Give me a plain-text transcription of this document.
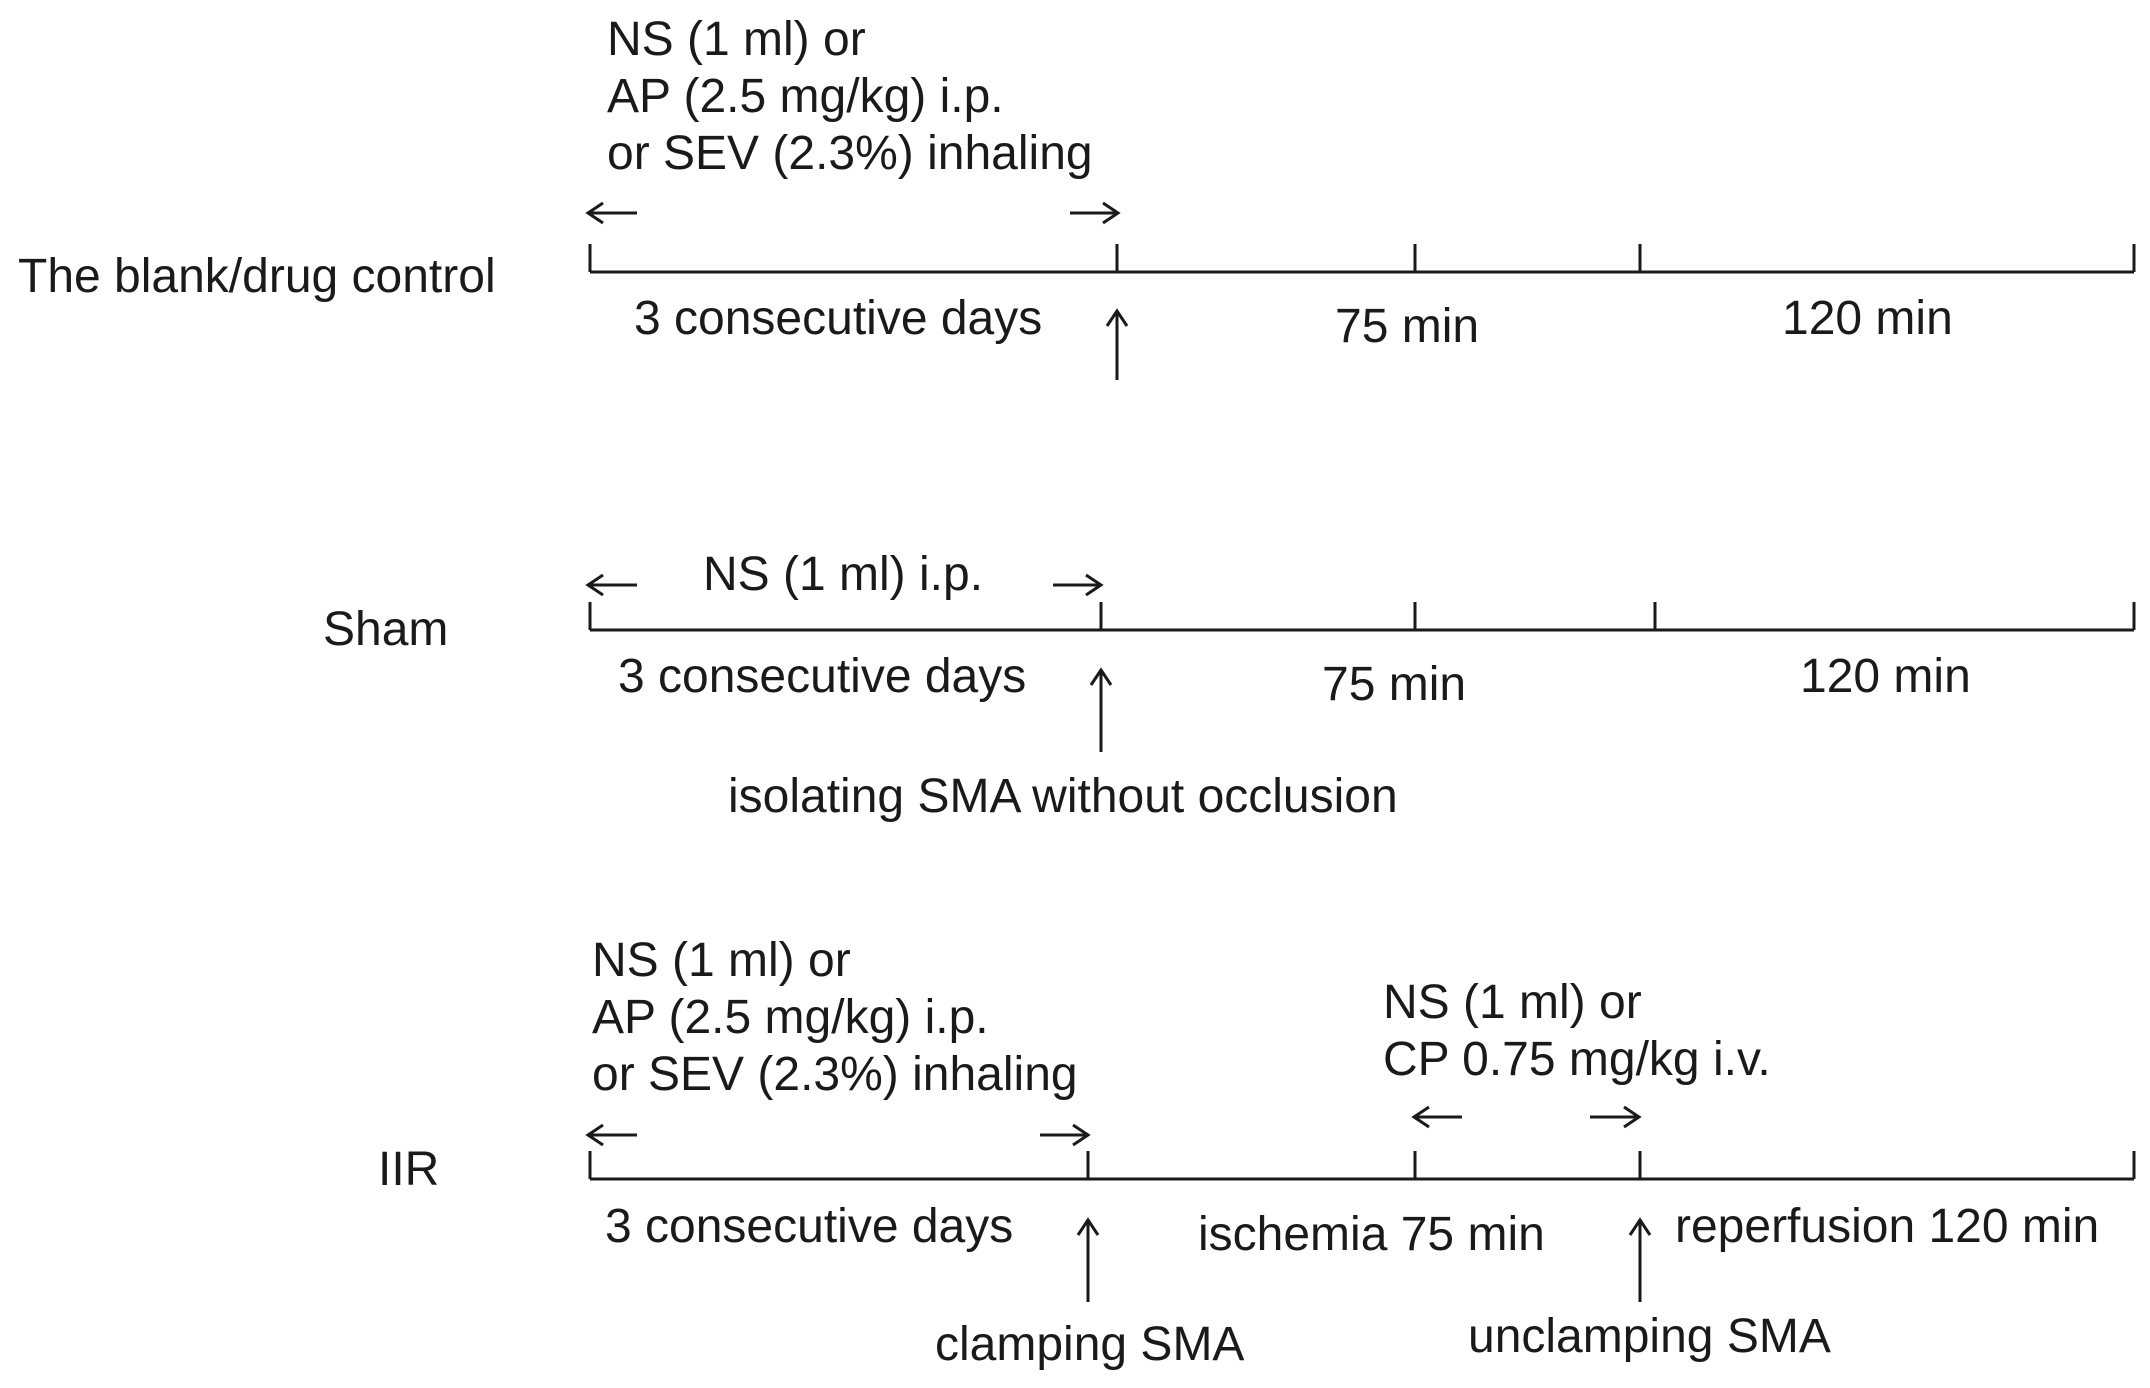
The blank/drug control
NS (1 ml) or
AP (2.5 mg/kg) i.p.
or SEV (2.3%) inhaling
3 consecutive days	75 min	120 min
Sham
NS (1 ml) i.p.
3 consecutive days	75 min	120 min
isolating SMA without occlusion
IIR
NS (1 ml) or
AP (2.5 mg/kg) i.p.
or SEV (2.3%) inhaling
NS (1 ml) or
CP 0.75 mg/kg i.v.
3 consecutive days	ischemia 75 min	reperfusion 120 min
clamping SMA	unclamping SMA
